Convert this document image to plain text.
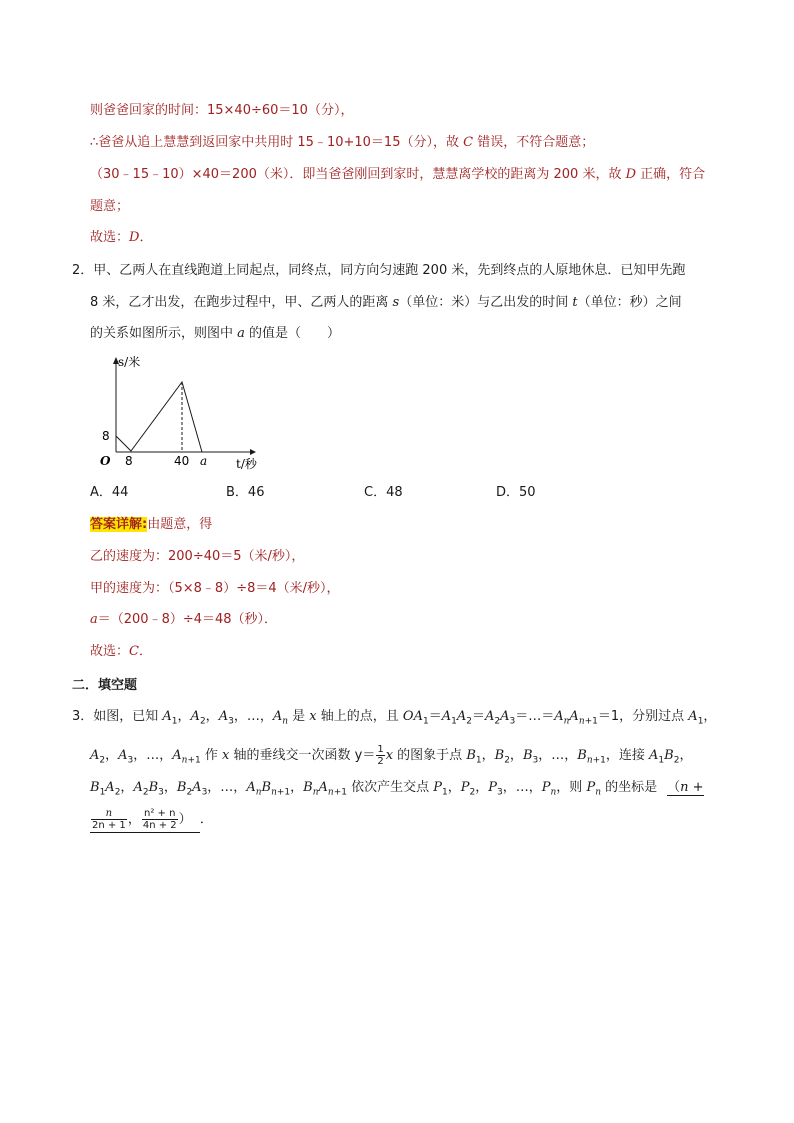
则爸爸回家的时间：15×40÷60＝10（分），
∴爸爸从追上慧慧到返回家中共用时 15﹣10+10＝15（分），故 C 错误，不符合题意；
（30﹣15﹣10）×40＝200（米）．即当爸爸刚回到家时，慧慧离学校的距离为 200 米，故 D 正确，符合
题意；
故选：D．
2．甲、乙两人在直线跑道上同起点，同终点，同方向匀速跑 200 米，先到终点的人原地休息．已知甲先跑
8 米，乙才出发，在跑步过程中，甲、乙两人的距离 s（单位：米）与乙出发的时间 t（单位：秒）之间
的关系如图所示，则图中 a 的值是（　　）
s/米
t/秒
O
8
8	40 a
A．44	B．46	C．48	D．50
答案详解:由题意，得
乙的速度为：200÷40＝5（米/秒），
甲的速度为：（5×8﹣8）÷8＝4（米/秒），
a＝（200﹣8）÷4＝48（秒）．
故选：C．
二．填空题
3．如图，已知 $A_1$，$A_2$，$A_3$，…，$A_n$ 是 x 轴上的点，且 $OA_1=A_1A_2=A_2A_3=\dots=A_nA_{n+1}=1$，分别过点 $A_1$，
$A_2$，$A_3$，…，$A_{n+1}$ 作 x 轴的垂线交一次函数 $y= \frac{1}{2}$ x 的图象于点 $B_1$，$B_2$，$B_3$，…，$B_{n+1}$，连接 $A_1B_2$，
$B_1A_2$，$A_2B_3$，$B_2A_3$，…，$A_nB_{n+1}$，$B_nA_{n+1}$ 依次产生交点 $P_1$，$P_2$，$P_3$，…，$P_n$，则 $P_n$ 的坐标是 （n +
$\frac{n}{2n + 1}$ ， $\frac{\text{n² + n}}{4n + 2}$ ） ．
